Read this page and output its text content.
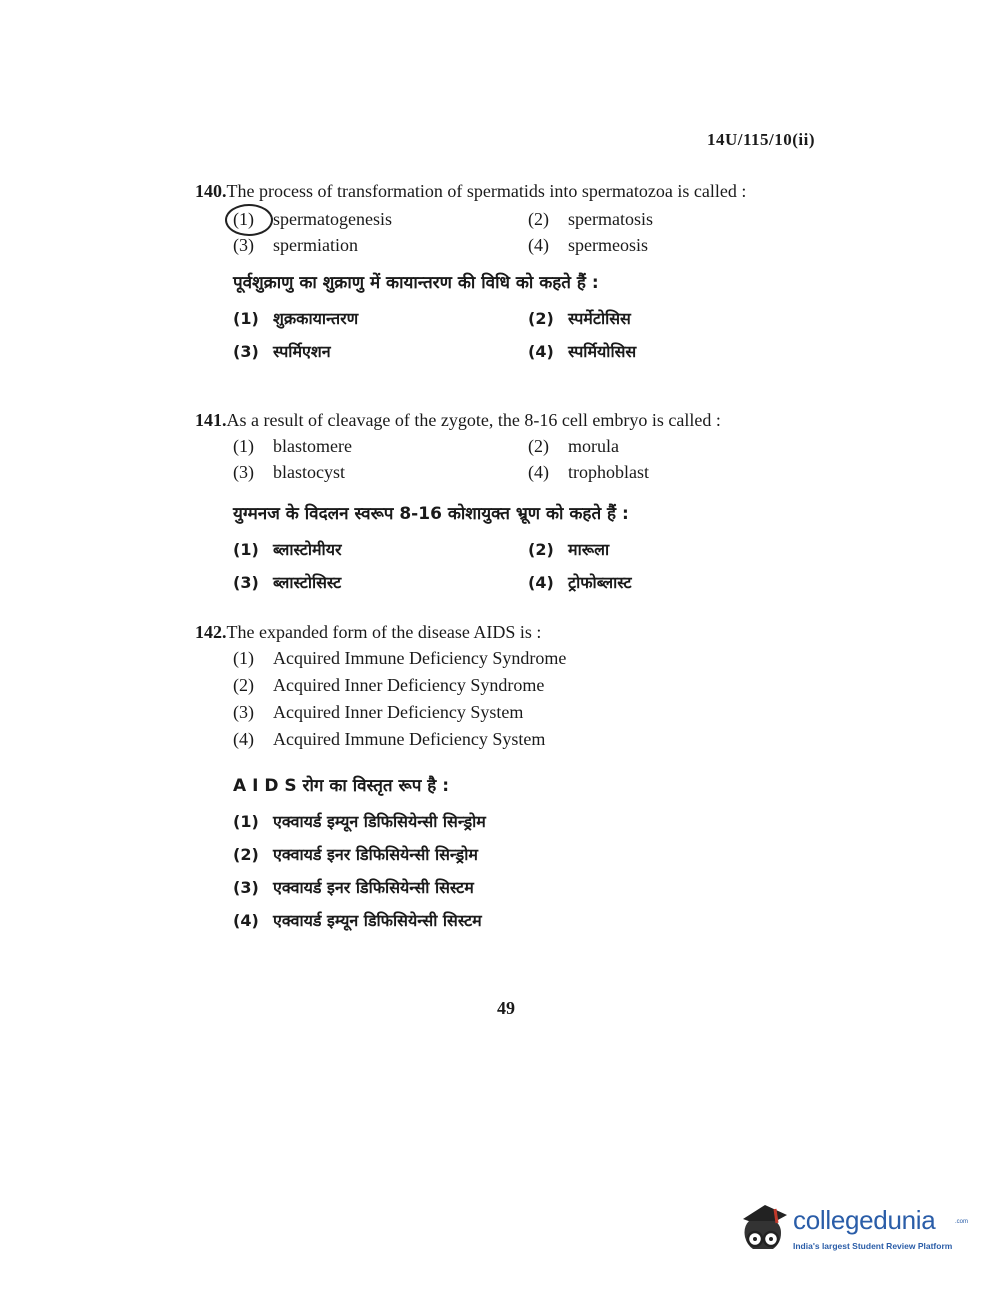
14U/115/10(ii)

140.The process of transformation of spermatids into spermatozoa is called :

(1) spermatogenesis	(2) spermatosis
(3) spermiation	(4) spermeosis
पूर्वशुक्राणु का शुक्राणु में कायान्तरण की विधि को कहते हैं :
(1) शुक्रकायान्तरण	(2) स्पर्मेटोसिस
(3) स्पर्मिएशन	(4) स्पर्मियोसिस

141.As a result of cleavage of the zygote, the 8-16 cell embryo is called :

(1) blastomere	(2) morula
(3) blastocyst	(4) trophoblast
युग्मनज के विदलन स्वरूप 8-16 कोशायुक्त भ्रूण को कहते हैं :
(1) ब्लास्टोमीयर	(2) मारूला
(3) ब्लास्टोसिस्ट	(4) ट्रोफोब्लास्ट

142.The expanded form of the disease AIDS is :

(1) Acquired Immune Deficiency Syndrome
(2) Acquired Inner Deficiency Syndrome
(3) Acquired Inner Deficiency System
(4) Acquired Immune Deficiency System
A I D S रोग का विस्तृत रूप है :
(1) एक्वायर्ड इम्यून डिफिसियेन्सी सिन्ड्रोम
(2) एक्वायर्ड इनर डिफिसियेन्सी सिन्ड्रोम
(3) एक्वायर्ड इनर डिफिसियेन्सी सिस्टम
(4) एक्वायर्ड इम्यून डिफिसियेन्सी सिस्टम
49
collegedunia	.com
India's largest Student Review Platform
